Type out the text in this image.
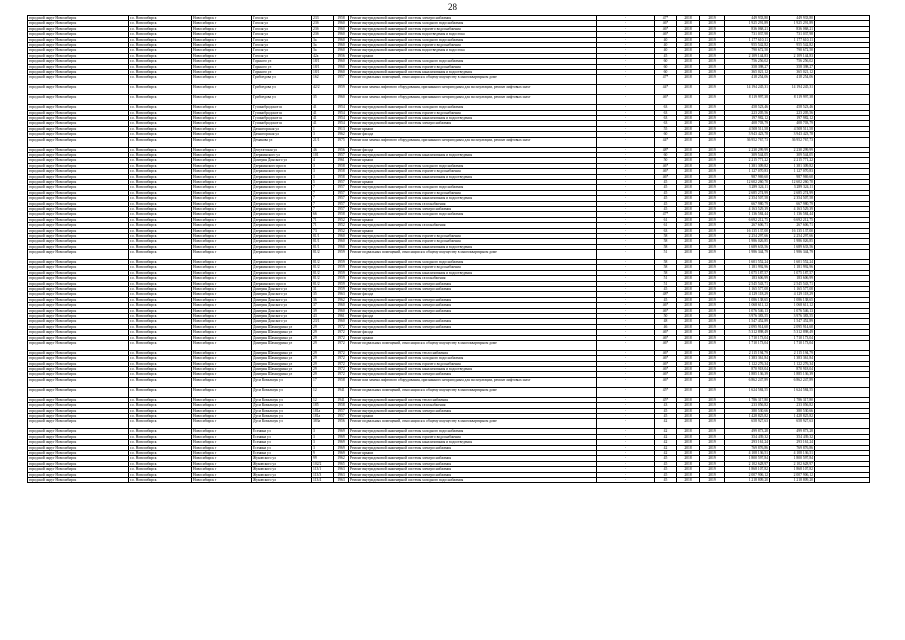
28
городской округ Новосибирск	г.о. Новосибирск	Новосибирск г	Гоголя ул	233	1958	Ремонт внутридомовой инженерной системы электроснабжения	-	47*	2018	2019	449 933,80	449 933,80	
городской округ Новосибирск	г.о. Новосибирск	Новосибирск г	Гоголя ул	23б	1960	Ремонт внутридомовой инженерной системы холодного водоснабжения	-	46*	2018	2019	1 925 291,89	1 925 291,89	
городской округ Новосибирск	г.о. Новосибирск	Новосибирск г	Гоголя ул	23б	1960	Ремонт внутридомовой инженерной системы горячего водоснабжения	-	46*	2018	2019	836 068,21	836 068,21	
городской округ Новосибирск	г.о. Новосибирск	Новосибирск г	Гоголя ул	23б	1960	Ремонт внутридомовой инженерной системы водоотведения и водостока	-	46*	2018	2019	731 037,98	731 037,98	
городской округ Новосибирск	г.о. Новосибирск	Новосибирск г	Гоголя ул	3а	1960	Ремонт внутридомовой инженерной системы холодного водоснабжения	-	40	2018	2019	1 177 610,11	1 177 610,11	
городской округ Новосибирск	г.о. Новосибирск	Новосибирск г	Гоголя ул	3а	1960	Ремонт внутридомовой инженерной системы горячего водоснабжения	-	40	2018	2019	955 542,82	955 542,82	
городской округ Новосибирск	г.о. Новосибирск	Новосибирск г	Гоголя ул	3а	1960	Ремонт внутридомовой инженерной системы водоотведения и водостока	-	40	2018	2019	790 672,50	790 672,50	
городской округ Новосибирск	г.о. Новосибирск	Новосибирск г	Гоголя ул	42а	1956	Ремонт крыши	-	45	2018	2019	2 109 144,83	2 109 144,83	
городской округ Новосибирск	г.о. Новосибирск	Новосибирск г	Горького ул	18/1	1960	Ремонт внутридомовой инженерной системы холодного водоснабжения	-	60	2018	2019	756 256,02	756 256,02	
городской округ Новосибирск	г.о. Новосибирск	Новосибирск г	Горького ул	18/1	1960	Ремонт внутридомовой инженерной системы горячего водоснабжения	-	60	2018	2019	358 398,27	358 398,27	
городской округ Новосибирск	г.о. Новосибирск	Новосибирск г	Горького ул	18/1	1960	Ремонт внутридомовой инженерной системы канализования и водоотведения	-	60	2018	2019	365 021,12	365 021,12	
городской округ Новосибирск	г.о. Новосибирск	Новосибирск г	Грибоедова ул	162	1957	Ремонт подвальных помещений, относящихся к общему имуществу в многоквартирном доме	-	47*	2018	2019	418 254,06	418 254,06	
городской округ Новосибирск	г.о. Новосибирск	Новосибирск г	Грибоедова ул	42/2	1959	Ремонт или замена лифтового оборудования, признанного непригодным для эксплуатации, ремонт лифтовых шахт	-	44*	2018	2019	14 194 245,31	14 194 245,31	
городской округ Новосибирск	г.о. Новосибирск	Новосибирск г	Грибоедова ул	35	1960	Ремонт или замена лифтового оборудования, признанного непригодным для эксплуатации, ремонт лифтовых шахт	-	46*	2018	2019	8 119 997,38	8 119 997,38	
городской округ Новосибирск	г.о. Новосибирск	Новосибирск г	Гусинобродское ш	41	1954	Ремонт внутридомовой инженерной системы холодного водоснабжения	-	63	2018	2019	458 523,46	458 523,46	
городской округ Новосибирск	г.о. Новосибирск	Новосибирск г	Гусинобродское ш	41	1954	Ремонт внутридомовой инженерной системы горячего водоснабжения	-	63	2018	2019	223 205,56	223 205,56	
городской округ Новосибирск	г.о. Новосибирск	Новосибирск г	Гусинобродское ш	41	1954	Ремонт внутридомовой инженерной системы канализования и водоотведения	-	63	2018	2019	197 982,12	197 982,12	
городской округ Новосибирск	г.о. Новосибирск	Новосибирск г	Гусинобродское ш	41	1954	Ремонт внутридомовой инженерной системы электроснабжения	-	63	2018	2019	408 703,79	408 703,79	
городской округ Новосибирск	г.о. Новосибирск	Новосибирск г	Дачногорская ул	1	1913	Ремонт крыши	-	55	2018	2019	4 508 511,58	4 508 511,58	
городской округ Новосибирск	г.о. Новосибирск	Новосибирск г	Дачногорская ул	3	1962	Ремонт фасада	-	60	2018	2019	3 943 423,78	3 943 423,78	
городской округ Новосибирск	г.о. Новосибирск	Новосибирск г	Демакова ул	21/1	1975	Ремонт или замена лифтового оборудования, признанного непригодным для эксплуатации, ремонт лифтовых шахт	-	44*	2018	2019	36 952 767,73	36 952 767,73	
городской округ Новосибирск	г.о. Новосибирск	Новосибирск г	Депутатская ул	46	1956	Ремонт фасада	-	48*	2018	2019	2 230 299,99	2 230 299,99	
городской округ Новосибирск	г.о. Новосибирск	Новосибирск г	Дзержинского ул	101	1957	Ремонт внутридомовой инженерной системы канализования и водоотведения	-	60	2018	2019	309 544,05	309 544,05	
городской округ Новосибирск	г.о. Новосибирск	Новосибирск г	Дмитрия Донского ул	4	1961	Ремонт крыши	-	50	2018	2019	2 215 771,22	2 215 771,22	
городской округ Новосибирск	г.о. Новосибирск	Новосибирск г	Дзержинского просп	3	1958	Ремонт внутридомовой инженерной системы холодного водоснабжения	-	46*	2018	2019	1 381 309,82	1 381 309,82	
городской округ Новосибирск	г.о. Новосибирск	Новосибирск г	Дзержинского просп	3	1958	Ремонт внутридомовой инженерной системы горячего водоснабжения	-	46*	2018	2019	1 127 070,83	1 127 070,83	
городской округ Новосибирск	г.о. Новосибирск	Новосибирск г	Дзержинского просп	3	1958	Ремонт внутридомовой инженерной системы канализования и водоотведения	-	46*	2018	2019	987 969,60	987 969,60	
городской округ Новосибирск	г.о. Новосибирск	Новосибирск г	Дзержинского просп	5	1957	Ремонт крыши	-	45	2018	2019	12 602 260,70	12 602 260,70	
городской округ Новосибирск	г.о. Новосибирск	Новосибирск г	Дзержинского просп	7	1957	Ремонт внутридомовой инженерной системы холодного водоснабжения	-	45	2018	2019	3 289 324,11	3 289 324,11	
городской округ Новосибирск	г.о. Новосибирск	Новосибирск г	Дзержинского просп	7	1957	Ремонт внутридомовой инженерной системы горячего водоснабжения	-	45	2018	2019	2 685 274,99	2 685 274,99	
городской округ Новосибирск	г.о. Новосибирск	Новосибирск г	Дзержинского просп	7	1957	Ремонт внутридомовой инженерной системы канализования и водоотведения	-	45	2018	2019	2 354 507,58	2 354 507,58	
городской округ Новосибирск	г.о. Новосибирск	Новосибирск г	Дзержинского просп	7	1957	Ремонт внутридомовой инженерной системы газоснабжения	-	45	2018	2019	667 980,79	667 980,79	
городской округ Новосибирск	г.о. Новосибирск	Новосибирск г	Дзержинского просп	7	1957	Ремонт внутридомовой инженерной системы электроснабжения	-	45	2018	2019	4 163 529,39	4 163 529,39	
городской округ Новосибирск	г.о. Новосибирск	Новосибирск г	Дзержинского просп	66	1958	Ремонт внутридомовой инженерной системы холодного водоснабжения	-	47*	2018	2019	1 136 584,44	1 136 584,44	
городской округ Новосибирск	г.о. Новосибирск	Новосибирск г	Дзержинского просп	71	1952	Ремонт крыши	-	61	2018	2019	6 692 212,75	6 692 212,75	
городской округ Новосибирск	г.о. Новосибирск	Новосибирск г	Дзержинского просп	71	1952	Ремонт внутридомовой инженерной системы газоснабжения	-	61	2018	2019	267 606,71	267 606,71	
городской округ Новосибирск	г.о. Новосибирск	Новосибирск г	Дзержинского просп	73	1952	Ремонт крыши	-	63	2018	2019	16 135 137,00	16 135 137,00	
городской округ Новосибирск	г.о. Новосибирск	Новосибирск г	Дзержинского просп	81/1	1960	Ремонт внутридомовой инженерной системы горячего водоснабжения	-	58	2018	2019	2 254 297,66	2 254 297,66	
городской округ Новосибирск	г.о. Новосибирск	Новосибирск г	Дзержинского просп	81/1	1960	Ремонт внутридомовой инженерной системы горячего водоснабжения	-	58	2018	2019	1 986 026,85	1 986 026,85	
городской округ Новосибирск	г.о. Новосибирск	Новосибирск г	Дзержинского просп	81/1	1960	Ремонт внутридомовой инженерной системы канализования и водоотведения	-	58	2018	2019	1 689 633,56	1 689 633,56	
городской округ Новосибирск	г.о. Новосибирск	Новосибирск г	Дзержинского просп	81/2	1959	Ремонт подвальных помещений, относящихся к общему имуществу в многоквартирном доме	-	51	2018	2019	1 986 344,79	1 986 344,79	
городской округ Новосибирск	г.о. Новосибирск	Новосибирск г	Дзержинского просп	81/2	1959	Ремонт внутридомовой инженерной системы холодного водоснабжения	-	58	2018	2019	1 601 552,24	1 601 552,24	
городской округ Новосибирск	г.о. Новосибирск	Новосибирск г	Дзержинского просп	81/2	1959	Ремонт внутридомовой инженерной системы горячего водоснабжения	-	58	2018	2019	1 181 992,96	1 181 992,96	
городской округ Новосибирск	г.о. Новосибирск	Новосибирск г	Дзержинского просп	81/2	1959	Ремонт внутридомовой инженерной системы канализования и водоотведения	-	58	2018	2019	1 075 187,57	1 075 187,57	
городской округ Новосибирск	г.о. Новосибирск	Новосибирск г	Дзержинского просп	81/2	1959	Ремонт внутридомовой инженерной системы газоснабжения	-	51	2018	2019	183 606,99	183 606,99	
городской округ Новосибирск	г.о. Новосибирск	Новосибирск г	Дзержинского просп	81/2	1959	Ремонт внутридомовой инженерной системы электроснабжения	-	51	2018	2019	2 545 543,71	2 545 543,71	
городской округ Новосибирск	г.о. Новосибирск	Новосибирск г	Дмитрия Донского ул	31	1959	Ремонт внутридомовой инженерной системы электроснабжения	-	45	2018	2019	1 165 577,08	1 165 577,08	
городской округ Новосибирск	г.о. Новосибирск	Новосибирск г	Дмитрия Донского ул	35	1963	Ремонт фасада	-	48*	2018	2019	4 129 118,29	4 129 118,29	
городской округ Новосибирск	г.о. Новосибирск	Новосибирск г	Дмитрия Донского ул	36	1962	Ремонт внутридомовой инженерной системы электроснабжения	-	45	2018	2019	1 086 138,65	1 086 138,65	
городской округ Новосибирск	г.о. Новосибирск	Новосибирск г	Дмитрия Донского ул	37	1960	Ремонт внутридомовой инженерной системы электроснабжения	-	46*	2018	2019	1 068 611,12	1 068 611,12	
городской округ Новосибирск	г.о. Новосибирск	Новосибирск г	Дмитрия Донского ул	39	1960	Ремонт внутридомовой инженерной системы электроснабжения	-	46*	2018	2019	1 076 546,13	1 076 546,13	
городской округ Новосибирск	г.о. Новосибирск	Новосибирск г	Дмитрия Донского ул	43	1961	Ремонт фасада	-	50	2018	2019	3 976 383,55	3 976 383,55	
городской округ Новосибирск	г.о. Новосибирск	Новосибирск г	Дмитрия Донского ул	23/1	1960	Ремонт внутридомовой инженерной системы электроснабжения	-	48	2018	2019	1 547 452,89	1 547 452,89	
городской округ Новосибирск	г.о. Новосибирск	Новосибирск г	Дмитрия Шамшурина ул	29	1972	Ремонт внутридомовой инженерной системы электроснабжения	-	46	2018	2019	2 095 914,60	2 095 914,60	
городской округ Новосибирск	г.о. Новосибирск	Новосибирск г	Дмитрия Шамшурина ул	29	1972	Ремонт фасада	-	46*	2018	2019	5 312 898,49	5 312 898,49	
городской округ Новосибирск	г.о. Новосибирск	Новосибирск г	Дмитрия Шамшурина ул	29	1972	Ремонт крыши	-	46*	2018	2019	1 710 173,04	1 710 173,04	
городской округ Новосибирск	г.о. Новосибирск	Новосибирск г	Дмитрия Шамшурина ул	29	1972	Ремонт подвальных помещений, относящихся к общему имуществу в многоквартирном доме	-	46*	2018	2019	1 710 173,04	1 710 173,04	
городской округ Новосибирск	г.о. Новосибирск	Новосибирск г	Дмитрия Шамшурина ул	29	1972	Ремонт внутридомовой инженерной системы теплоснабжения	-	46*	2018	2019	2 115 194,79	2 115 194,79	
городской округ Новосибирск	г.о. Новосибирск	Новосибирск г	Дмитрия Шамшурина ул	29	1972	Ремонт внутридомовой инженерной системы холодного водоснабжения	-	46*	2018	2019	1 383 361,84	1 383 361,84	
городской округ Новосибирск	г.о. Новосибирск	Новосибирск г	Дмитрия Шамшурина ул	29	1972	Ремонт внутридомовой инженерной системы горячего водоснабжения	-	46*	2018	2019	1 122 276,34	1 122 276,34	
городской округ Новосибирск	г.о. Новосибирск	Новосибирск г	Дмитрия Шамшурина ул	29	1972	Ремонт внутридомовой инженерной системы канализования и водоотведения	-	46*	2018	2019	870 918,04	870 918,04	
городской округ Новосибирск	г.о. Новосибирск	Новосибирск г	Дмитрия Шамшурина ул	29	1972	Ремонт внутридомовой инженерной системы электроснабжения	-	46*	2018	2019	1 885 136,39	1 885 136,39	
городской округ Новосибирск	г.о. Новосибирск	Новосибирск г	Дуси Ковальчук ул	17	1958	Ремонт или замена лифтового оборудования, признанного непригодным для эксплуатации, ремонт лифтовых шахт	-	46*	2018	2019	6 862 247,89	6 862 247,89	
городской округ Новосибирск	г.о. Новосибирск	Новосибирск г	Дуси Ковальчук ул	12	1941	Ремонт подвальных помещений, относящихся к общему имуществу в многоквартирном доме	-	45*	2018	2019	1 624 584,55	1 624 584,55	
городской округ Новосибирск	г.о. Новосибирск	Новосибирск г	Дуси Ковальчук ул	12	1941	Ремонт внутридомовой инженерной системы теплоснабжения	-	45*	2018	2019	1 786 317,80	1 786 317,80	
городской округ Новосибирск	г.о. Новосибирск	Новосибирск г	Дуси Ковальчук ул	185	1958	Ремонт внутридомовой инженерной системы газоснабжения	-	43	2018	2019	233 056,82	233 056,82	
городской округ Новосибирск	г.о. Новосибирск	Новосибирск г	Дуси Ковальчук ул	181а	1957	Ремонт внутридомовой инженерной системы электроснабжения	-	45	2018	2019	380 530,66	380 530,66	
городской округ Новосибирск	г.о. Новосибирск	Новосибирск г	Дуси Ковальчук ул	181а	1957	Ремонт крыши	-	45	2018	2019	1 428 825,82	1 428 825,82	
городской округ Новосибирск	г.о. Новосибирск	Новосибирск г	Дуси Ковальчук ул	383а	1956	Ремонт подвальных помещений, относящихся к общему имуществу в многоквартирном доме	-	42	2018	2019	658 927,63	658 927,63	
городской округ Новосибирск	г.о. Новосибирск	Новосибирск г	Есенина ул	3	1969	Ремонт внутридомовой инженерной системы холодного водоснабжения	-	42	2018	2019	499 873,28	499 873,28	
городской округ Новосибирск	г.о. Новосибирск	Новосибирск г	Есенина ул	3	1969	Ремонт внутридомовой инженерной системы горячего водоснабжения	-	42	2018	2019	354 439,32	354 439,32	
городской округ Новосибирск	г.о. Новосибирск	Новосибирск г	Есенина ул	3	1969	Ремонт внутридомовой инженерной системы канализования и водоотведения	-	42	2018	2019	293 161,24	293 161,24	
городской округ Новосибирск	г.о. Новосибирск	Новосибирск г	Есенина ул	3	1969	Ремонт внутридомовой инженерной системы электроснабжения	-	42	2018	2019	769 876,86	769 876,86	
городской округ Новосибирск	г.о. Новосибирск	Новосибирск г	Есенина ул	9	1969	Ремонт крыши	-	42	2018	2019	4 108 136,51	4 108 136,51	
городской округ Новосибирск	г.о. Новосибирск	Новосибирск г	Жуковского ул	99	1962	Ремонт внутридомовой инженерной системы электроснабжения	-	45	2018	2019	1 800 597,84	1 800 597,84	
городской округ Новосибирск	г.о. Новосибирск	Новосибирск г	Жуковского ул	102/2	1965	Ремонт внутридомовой инженерной системы электроснабжения	-	45	2018	2019	2 102 628,97	2 102 628,97	
городской округ Новосибирск	г.о. Новосибирск	Новосибирск г	Жуковского ул	113/1	1963	Ремонт внутридомовой инженерной системы электроснабжения	-	45	2018	2019	1 868 107,82	1 868 107,82	
городской округ Новосибирск	г.о. Новосибирск	Новосибирск г	Жуковского ул	113/3	1963	Ремонт внутридомовой инженерной системы электроснабжения	-	45	2018	2019	2 007 906,12	2 007 906,12	
городской округ Новосибирск	г.о. Новосибирск	Новосибирск г	Жуковского ул	113/4	1963	Ремонт внутридомовой инженерной системы холодного водоснабжения	-	45	2018	2019	1 218 809,20	1 218 809,20	
